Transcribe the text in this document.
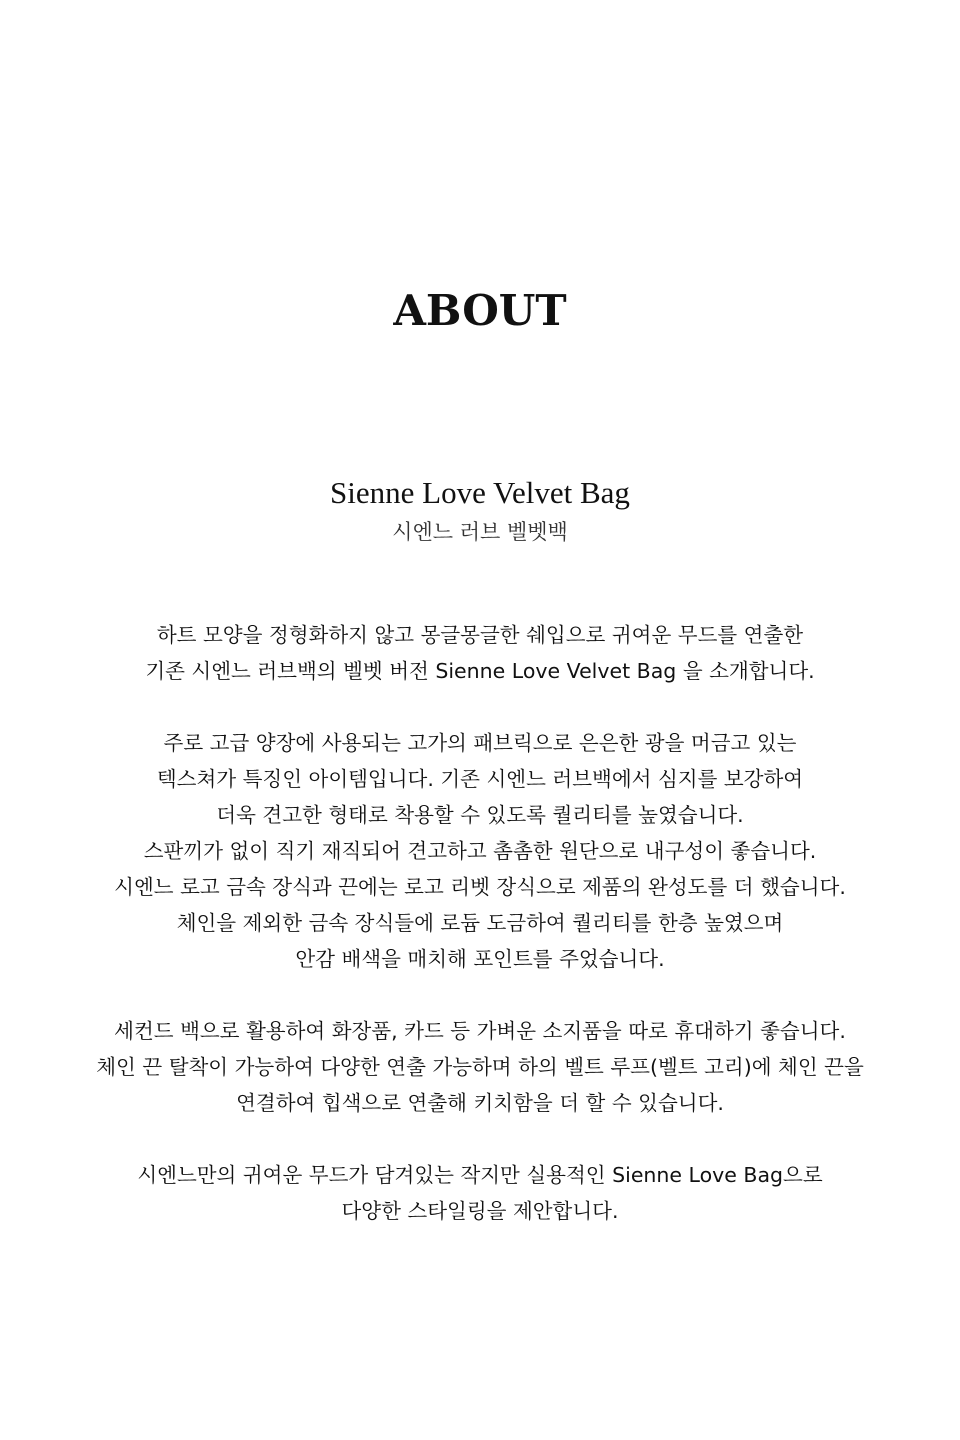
ABOUT
Sienne Love Velvet Bag

시엔느 러브 벨벳백

하트 모양을 정형화하지 않고 몽글몽글한 쉐입으로 귀여운 무드를 연출한
기존 시엔느 러브백의 벨벳 버전 Sienne Love Velvet Bag 을 소개합니다.

주로 고급 양장에 사용되는 고가의 패브릭으로 은은한 광을 머금고 있는
텍스쳐가 특징인 아이템입니다. 기존 시엔느 러브백에서 심지를 보강하여
더욱 견고한 형태로 착용할 수 있도록 퀄리티를 높였습니다.
스판끼가 없이 직기 재직되어 견고하고 촘촘한 원단으로 내구성이 좋습니다.
시엔느 로고 금속 장식과 끈에는 로고 리벳 장식으로 제품의 완성도를 더 했습니다.
체인을 제외한 금속 장식들에 로듐 도금하여 퀄리티를 한층 높였으며
안감 배색을 매치해 포인트를 주었습니다.

세컨드 백으로 활용하여 화장품, 카드 등 가벼운 소지품을 따로 휴대하기 좋습니다.
체인 끈 탈착이 가능하여 다양한 연출 가능하며 하의 벨트 루프(벨트 고리)에 체인 끈을
연결하여 힙색으로 연출해 키치함을 더 할 수 있습니다.

시엔느만의 귀여운 무드가 담겨있는 작지만 실용적인 Sienne Love Bag으로
다양한 스타일링을 제안합니다.
